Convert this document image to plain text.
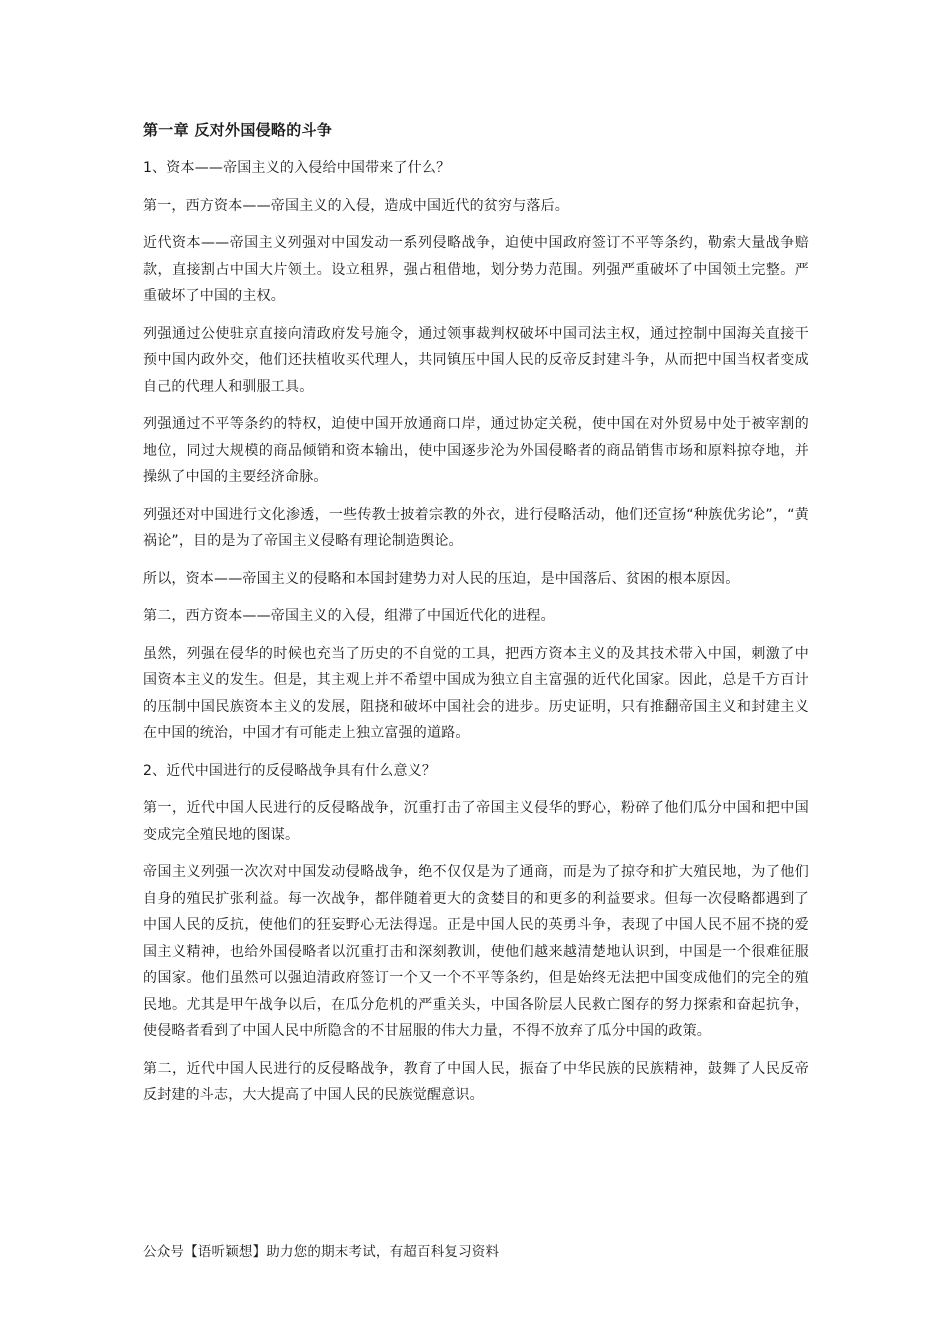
第一章 反对外国侵略的斗争

1、资本——帝国主义的入侵给中国带来了什么？

第一，西方资本——帝国主义的入侵，造成中国近代的贫穷与落后。

近代资本——帝国主义列强对中国发动一系列侵略战争，迫使中国政府签订不平等条约，勒索大量战争赔款，直接割占中国大片领土。设立租界，强占租借地，划分势力范围。列强严重破坏了中国领土完整。严重破坏了中国的主权。

列强通过公使驻京直接向清政府发号施令，通过领事裁判权破坏中国司法主权，通过控制中国海关直接干预中国内政外交，他们还扶植收买代理人，共同镇压中国人民的反帝反封建斗争，从而把中国当权者变成自己的代理人和驯服工具。

列强通过不平等条约的特权，迫使中国开放通商口岸，通过协定关税，使中国在对外贸易中处于被宰割的地位，同过大规模的商品倾销和资本输出，使中国逐步沦为外国侵略者的商品销售市场和原料掠夺地，并操纵了中国的主要经济命脉。

列强还对中国进行文化渗透，一些传教士披着宗教的外衣，进行侵略活动，他们还宣扬“种族优劣论”，“黄祸论”，目的是为了帝国主义侵略有理论制造舆论。

所以，资本——帝国主义的侵略和本国封建势力对人民的压迫，是中国落后、贫困的根本原因。

第二，西方资本——帝国主义的入侵，组滞了中国近代化的进程。

虽然，列强在侵华的时候也充当了历史的不自觉的工具，把西方资本主义的及其技术带入中国，刺激了中国资本主义的发生。但是，其主观上并不希望中国成为独立自主富强的近代化国家。因此，总是千方百计的压制中国民族资本主义的发展，阻挠和破坏中国社会的进步。历史证明，只有推翻帝国主义和封建主义在中国的统治，中国才有可能走上独立富强的道路。

2、近代中国进行的反侵略战争具有什么意义？

第一，近代中国人民进行的反侵略战争，沉重打击了帝国主义侵华的野心，粉碎了他们瓜分中国和把中国变成完全殖民地的图谋。

帝国主义列强一次次对中国发动侵略战争，绝不仅仅是为了通商，而是为了掠夺和扩大殖民地，为了他们自身的殖民扩张利益。每一次战争，都伴随着更大的贪婪目的和更多的利益要求。但每一次侵略都遇到了中国人民的反抗，使他们的狂妄野心无法得逞。正是中国人民的英勇斗争，表现了中国人民不屈不挠的爱国主义精神，也给外国侵略者以沉重打击和深刻教训，使他们越来越清楚地认识到，中国是一个很难征服的国家。他们虽然可以强迫清政府签订一个又一个不平等条约，但是始终无法把中国变成他们的完全的殖民地。尤其是甲午战争以后，在瓜分危机的严重关头，中国各阶层人民救亡图存的努力探索和奋起抗争，使侵略者看到了中国人民中所隐含的不甘屈服的伟大力量，不得不放弃了瓜分中国的政策。

第二，近代中国人民进行的反侵略战争，教育了中国人民，振奋了中华民族的民族精神，鼓舞了人民反帝反封建的斗志，大大提高了中国人民的民族觉醒意识。

公众号【语听颖想】助力您的期末考试，有超百科复习资料
